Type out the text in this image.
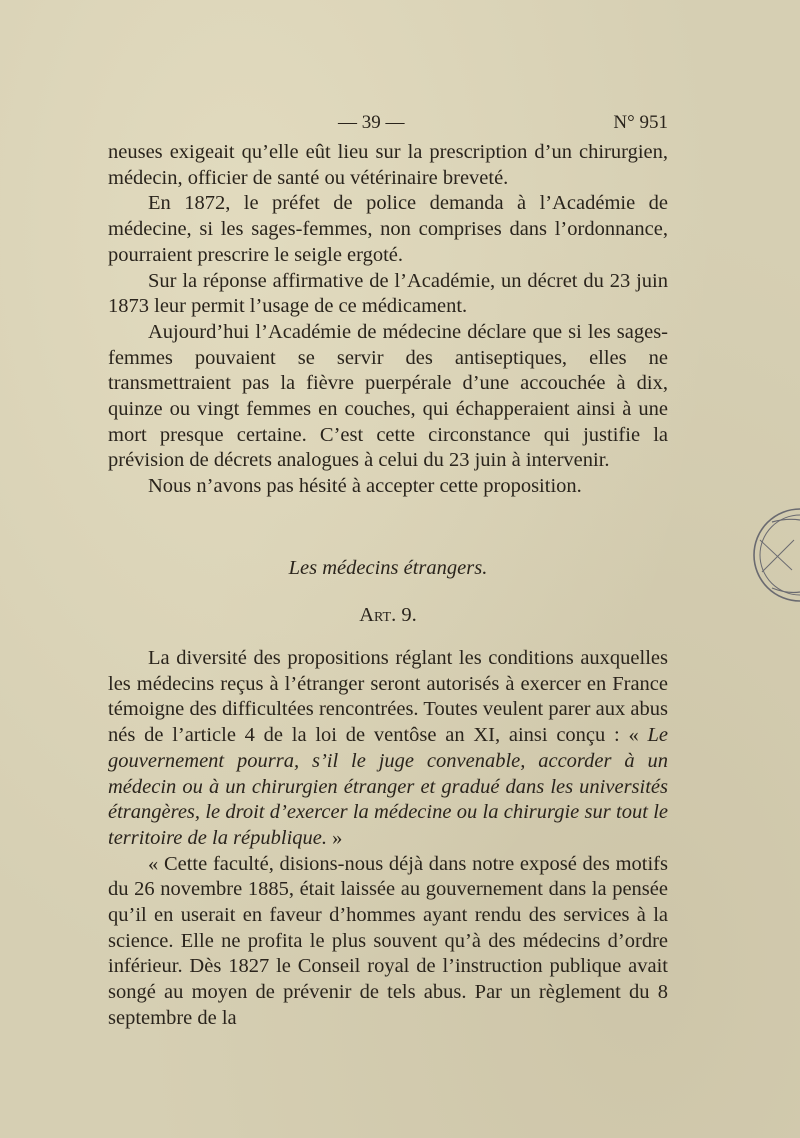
— 39 —	N° 951

neuses exigeait qu’elle eût lieu sur la prescription d’un chirurgien, médecin, officier de santé ou vétérinaire breveté.

En 1872, le préfet de police demanda à l’Académie de médecine, si les sages-femmes, non comprises dans l’ordonnance, pourraient prescrire le seigle ergoté.

Sur la réponse affirmative de l’Académie, un décret du 23 juin 1873 leur permit l’usage de ce médicament.

Aujourd’hui l’Académie de médecine déclare que si les sages-femmes pouvaient se servir des antiseptiques, elles ne transmettraient pas la fièvre puerpérale d’une accouchée à dix, quinze ou vingt femmes en couches, qui échapperaient ainsi à une mort presque certaine. C’est cette circonstance qui justifie la prévision de décrets analogues à celui du 23 juin à intervenir.

Nous n’avons pas hésité à accepter cette proposition.

Les médecins étrangers.
Art. 9.

La diversité des propositions réglant les conditions auxquelles les médecins reçus à l’étranger seront autorisés à exercer en France témoigne des difficultées rencontrées. Toutes veulent parer aux abus nés de l’article 4 de la loi de ventôse an XI, ainsi conçu : « Le gouvernement pourra, s’il le juge convenable, accorder à un médecin ou à un chirurgien étranger et gradué dans les universités étrangères, le droit d’exercer la médecine ou la chirurgie sur tout le territoire de la république. »

« Cette faculté, disions-nous déjà dans notre exposé des motifs du 26 novembre 1885, était laissée au gouvernement dans la pensée qu’il en userait en faveur d’hommes ayant rendu des services à la science. Elle ne profita le plus souvent qu’à des médecins d’ordre inférieur. Dès 1827 le Conseil royal de l’instruction publique avait songé au moyen de prévenir de tels abus. Par un règlement du 8 septembre de la
